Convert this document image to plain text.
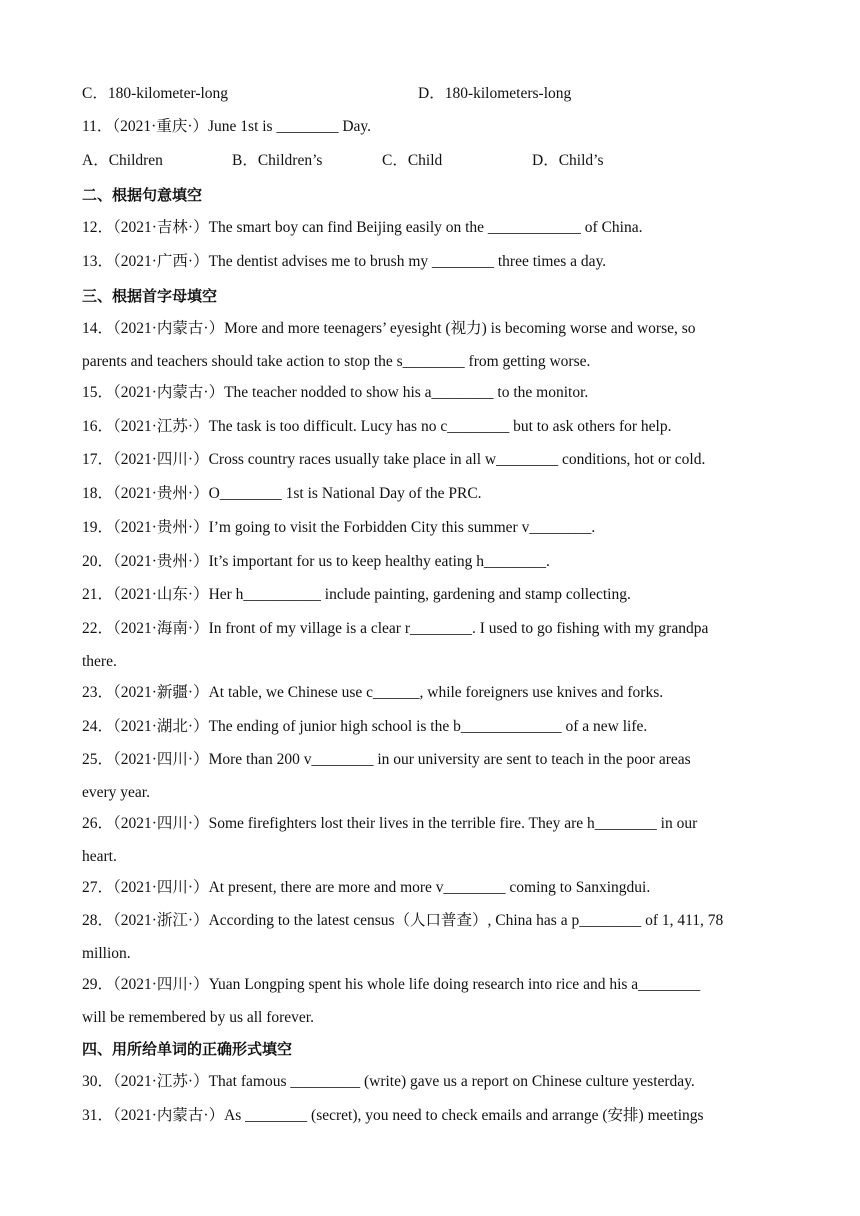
C．180-kilometer-long	D．180-kilometers-long
11．（2021·重庆·）June 1st is ________ Day.
A．Children	B．Children’s	C．Child	D．Child’s
二、根据句意填空
12．（2021·吉林·）The smart boy can find Beijing easily on the ____________ of China.
13．（2021·广西·）The dentist advises me to brush my ________ three times a day.
三、根据首字母填空
14．（2021·内蒙古·）More and more teenagers’ eyesight (视力) is becoming worse and worse, so
parents and teachers should take action to stop the s________ from getting worse.
15．（2021·内蒙古·）The teacher nodded to show his a________ to the monitor.
16．（2021·江苏·）The task is too difficult. Lucy has no c________ but to ask others for help.
17．（2021·四川·）Cross country races usually take place in all w________ conditions, hot or cold.
18．（2021·贵州·）O________ 1st is National Day of the PRC.
19．（2021·贵州·）I’m going to visit the Forbidden City this summer v________.
20．（2021·贵州·）It’s important for us to keep healthy eating h________.
21．（2021·山东·）Her h__________ include painting, gardening and stamp collecting.
22．（2021·海南·）In front of my village is a clear r________. I used to go fishing with my grandpa
there.
23．（2021·新疆·）At table, we Chinese use c______, while foreigners use knives and forks.
24．（2021·湖北·）The ending of junior high school is the b_____________ of a new life.
25．（2021·四川·）More than 200 v________ in our university are sent to teach in the poor areas
every year.
26．（2021·四川·）Some firefighters lost their lives in the terrible fire. They are h________ in our
heart.
27．（2021·四川·）At present, there are more and more v________ coming to Sanxingdui.
28．（2021·浙江·）According to the latest census（人口普查）, China has a p________ of 1, 411, 78
million.
29．（2021·四川·）Yuan Longping spent his whole life doing research into rice and his a________
will be remembered by us all forever.
四、用所给单词的正确形式填空
30．（2021·江苏·）That famous _________ (write) gave us a report on Chinese culture yesterday.
31．（2021·内蒙古·）As ________ (secret), you need to check emails and arrange (安排) meetings
